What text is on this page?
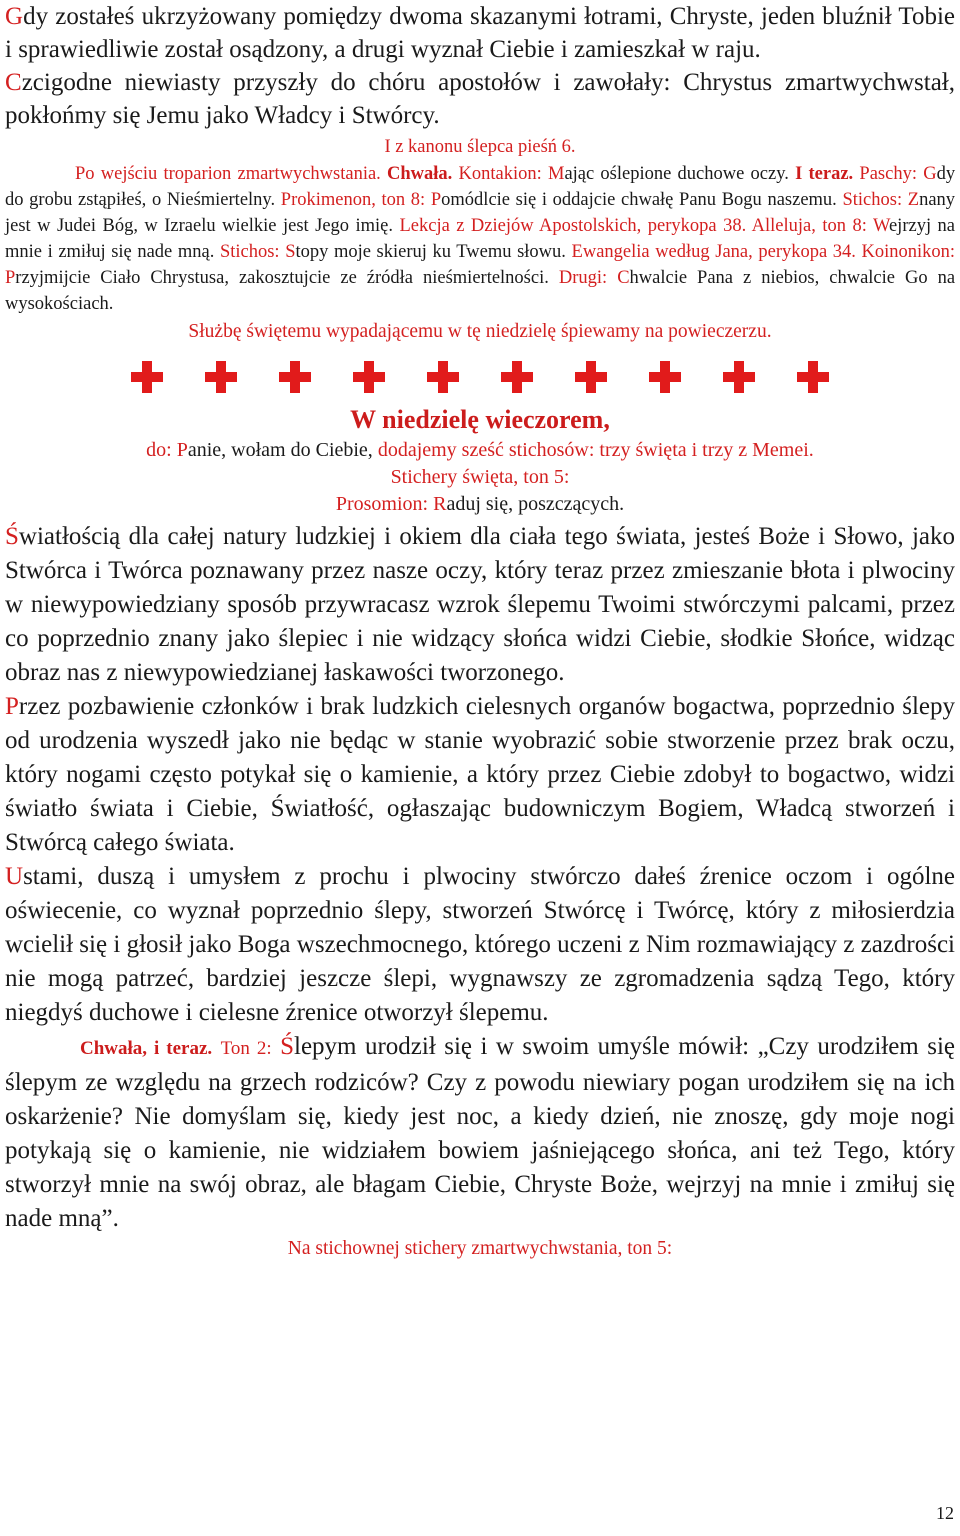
Gdy zostałeś ukrzyżowany pomiędzy dwoma skazanymi łotrami, Chryste, jeden bluźnił Tobie i sprawiedliwie został osądzony, a drugi wyznał Ciebie i zamieszkał w raju.

Czcigodne niewiasty przyszły do chóru apostołów i zawołały: Chrystus zmartwychwstał, pokłońmy się Jemu jako Władcy i Stwórcy.

I z kanonu ślepca pieśń 6.

Po wejściu troparion zmartwychwstania. Chwała. Kontakion: Mając oślepione duchowe oczy. I teraz. Paschy: Gdy do grobu zstąpiłeś, o Nieśmiertelny. Prokimenon, ton 8: Pomódlcie się i oddajcie chwałę Panu Bogu naszemu. Stichos: Znany jest w Judei Bóg, w Izraelu wielkie jest Jego imię. Lekcja z Dziejów Apostolskich, perykopa 38. Alleluja, ton 8: Wejrzyj na mnie i zmiłuj się nade mną. Stichos: Stopy moje skieruj ku Twemu słowu. Ewangelia według Jana, perykopa 34. Koinonikon: Przyjmijcie Ciało Chrystusa, zakosztujcie ze źródła nieśmiertelności. Drugi: Chwalcie Pana z niebios, chwalcie Go na wysokościach.

Służbę świętemu wypadającemu w tę niedzielę śpiewamy na powieczerzu.

W niedzielę wieczorem,

do: Panie, wołam do Ciebie, dodajemy sześć stichosów: trzy święta i trzy z Memei.

Stichery święta, ton 5:

Prosomion: Raduj się, poszczących.

Światłością dla całej natury ludzkiej i okiem dla ciała tego świata, jesteś Boże i Słowo, jako Stwórca i Twórca poznawany przez nasze oczy, który teraz przez zmieszanie błota i plwociny w niewypowiedziany sposób przywracasz wzrok ślepemu Twoimi stwórczymi palcami, przez co poprzednio znany jako ślepiec i nie widzący słońca widzi Ciebie, słodkie Słońce, widząc obraz nas z niewypowiedzianej łaskawości tworzonego.

Przez pozbawienie członków i brak ludzkich cielesnych organów bogactwa, poprzednio ślepy od urodzenia wyszedł jako nie będąc w stanie wyobrazić sobie stworzenie przez brak oczu, który nogami często potykał się o kamienie, a który przez Ciebie zdobył to bogactwo, widzi światło świata i Ciebie, Światłość, ogłaszając budowniczym Bogiem, Władcą stworzeń i Stwórcą całego świata.

Ustami, duszą i umysłem z prochu i plwociny stwórczo dałeś źrenice oczom i ogólne oświecenie, co wyznał poprzednio ślepy, stworzeń Stwórcę i Twórcę, który z miłosierdzia wcielił się i głosił jako Boga wszechmocnego, którego uczeni z Nim rozmawiający z zazdrości nie mogą patrzeć, bardziej jeszcze ślepi, wygnawszy ze zgromadzenia sądzą Tego, który niegdyś duchowe i cielesne źrenice otworzył ślepemu.

Chwała, i teraz. Ton 2: Ślepym urodził się i w swoim umyśle mówił: „Czy urodziłem się ślepym ze względu na grzech rodziców? Czy z powodu niewiary pogan urodziłem się na ich oskarżenie? Nie domyślam się, kiedy jest noc, a kiedy dzień, nie znoszę, gdy moje nogi potykają się o kamienie, nie widziałem bowiem jaśniejącego słońca, ani też Tego, który stworzył mnie na swój obraz, ale błagam Ciebie, Chryste Boże, wejrzyj na mnie i zmiłuj się nade mną”.

Na stichownej stichery zmartwychwstania, ton 5:

12
